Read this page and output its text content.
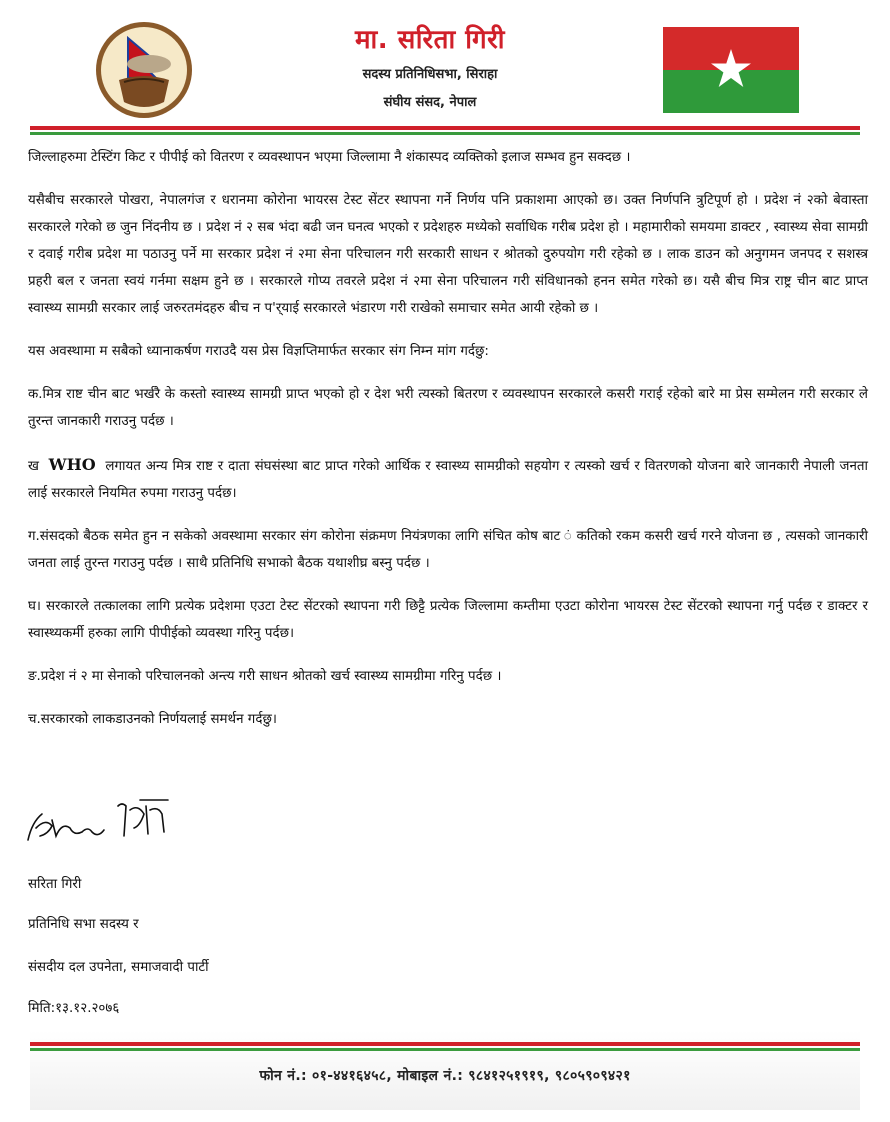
मा. सरिता गिरी
सदस्य प्रतिनिधिसभा, सिराहा
संघीय संसद, नेपाल

जिल्लाहरुमा टेस्टिंग किट र पीपीई को वितरण र व्यवस्थापन भएमा जिल्लामा नै शंकास्पद व्यक्तिको इलाज सम्भव हुन सक्दछ ।

यसैबीच सरकारले पोखरा, नेपालगंज र धरानमा कोरोना भायरस टेस्ट सेंटर स्थापना गर्ने निर्णय पनि प्रकाशमा आएको छ। उक्त निर्णपनि त्रुटिपूर्ण हो । प्रदेश नं २को बेवास्ता सरकारले गरेको छ जुन निंदनीय छ । प्रदेश नं २ सब भंदा बढी जन घनत्व भएको र प्रदेशहरु मध्येको सर्वाधिक गरीब प्रदेश हो । महामारीको समयमा डाक्टर , स्वास्थ्य सेवा सामग्री र दवाई गरीब प्रदेश मा पठाउनु पर्ने मा सरकार प्रदेश नं २मा सेना परिचालन गरी सरकारी साधन र श्रोतको दुरुपयोग गरी रहेको छ । लाक डाउन को अनुगमन जनपद र सशस्त्र प्रहरी बल र जनता स्वयं गर्नमा सक्षम हुने छ । सरकारले गोप्य तवरले प्रदेश नं २मा सेना परिचालन गरी संविधानको हनन समेत गरेको छ। यसै बीच मित्र राष्ट्र चीन बाट प्राप्त स्वास्थ्य सामग्री सरकार लाई जरुरतमंदहरु बीच न प'र्‌याई सरकारले भंडारण गरी राखेको समाचार समेत आयी रहेको छ ।

यस अवस्थामा म सबैको ध्यानाकर्षण गराउदै यस प्रेस विज्ञप्तिमार्फत सरकार संग निम्न मांग गर्दछु:

क.मित्र राष्ट चीन बाट भर्खरै के कस्तो स्वास्थ्य सामग्री प्राप्त भएको हो र देश भरी त्यस्को बितरण र व्यवस्थापन सरकारले कसरी गराई रहेको बारे मा प्रेस सम्मेलन गरी सरकार ले तुरन्त जानकारी गराउनु पर्दछ ।

ख WHO लगायत अन्य मित्र राष्ट र दाता संघसंस्था बाट प्राप्त गरेको आर्थिक र स्वास्थ्य सामग्रीको सहयोग र त्यस्को खर्च र वितरणको योजना बारे जानकारी नेपाली जनता लाई सरकारले नियमित रुपमा गराउनु पर्दछ।

ग.संसदको बैठक समेत हुन न सकेको अवस्थामा सरकार संग कोरोना संक्रमण नियंत्रणका लागि संचित कोष बाट ं कतिको रकम कसरी खर्च गरने योजना छ , त्यसको जानकारी जनता लाई तुरन्त गराउनु पर्दछ । साथै प्रतिनिधि सभाको बैठक यथाशीघ्र बस्नु पर्दछ ।

घ। सरकारले तत्कालका लागि प्रत्येक प्रदेशमा एउटा टेस्ट सेंटरको स्थापना गरी छिट्टै प्रत्येक जिल्लामा कम्तीमा एउटा कोरोना भायरस टेस्ट सेंटरको स्थापना गर्नु पर्दछ र डाक्टर र स्वास्थ्यकर्मी हरुका लागि पीपीईको व्यवस्था गरिनु पर्दछ।

ङ.प्रदेश नं २ मा सेनाको परिचालनको अन्त्य गरी साधन श्रोतको खर्च स्वास्थ्य सामग्रीमा गरिनु पर्दछ ।

च.सरकारको लाकडाउनको निर्णयलाई समर्थन गर्दछु।

सरिता गिरी
प्रतिनिधि सभा सदस्य र
संसदीय दल उपनेता, समाजवादी पार्टी
मिति:१३.१२.२०७६
फोन नं.: ०१-४४१६४५८, मोबाइल नं.: ९८४१२५१९१९, ९८०५९०९४२१
